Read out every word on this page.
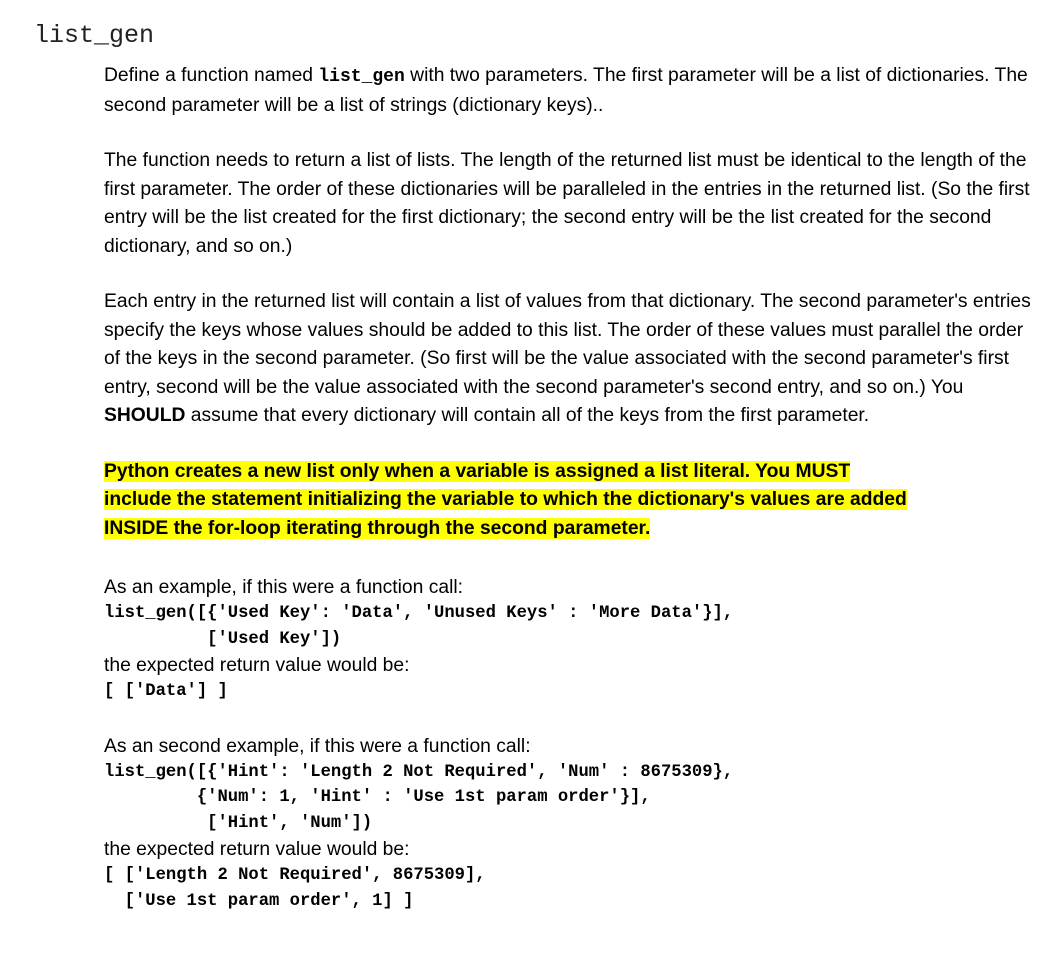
list_gen

Define a function named list_gen with two parameters. The first parameter will be a list of dictionaries. The second parameter will be a list of strings (dictionary keys)..

The function needs to return a list of lists. The length of the returned list must be identical to the length of the first parameter. The order of these dictionaries will be paralleled in the entries in the returned list. (So the first entry will be the list created for the first dictionary; the second entry will be the list created for the second dictionary, and so on.)

Each entry in the returned list will contain a list of values from that dictionary. The second parameter's entries specify the keys whose values should be added to this list. The order of these values must parallel the order of the keys in the second parameter. (So first will be the value associated with the second parameter's first entry, second will be the value associated with the second parameter's second entry, and so on.) You SHOULD assume that every dictionary will contain all of the keys from the first parameter.

Python creates a new list only when a variable is assigned a list literal. You MUST
include the statement initializing the variable to which the dictionary's values are added
INSIDE the for-loop iterating through the second parameter.

As an example, if this were a function call:

list_gen([{'Used Key': 'Data', 'Unused Keys' : 'More Data'}],

['Used Key'])

the expected return value would be:

[ ['Data'] ]

As an second example, if this were a function call:

list_gen([{'Hint': 'Length 2 Not Required', 'Num' : 8675309},

{'Num': 1, 'Hint' : 'Use 1st param order'}],

['Hint', 'Num'])

the expected return value would be:

[ ['Length 2 Not Required', 8675309],

['Use 1st param order', 1] ]
